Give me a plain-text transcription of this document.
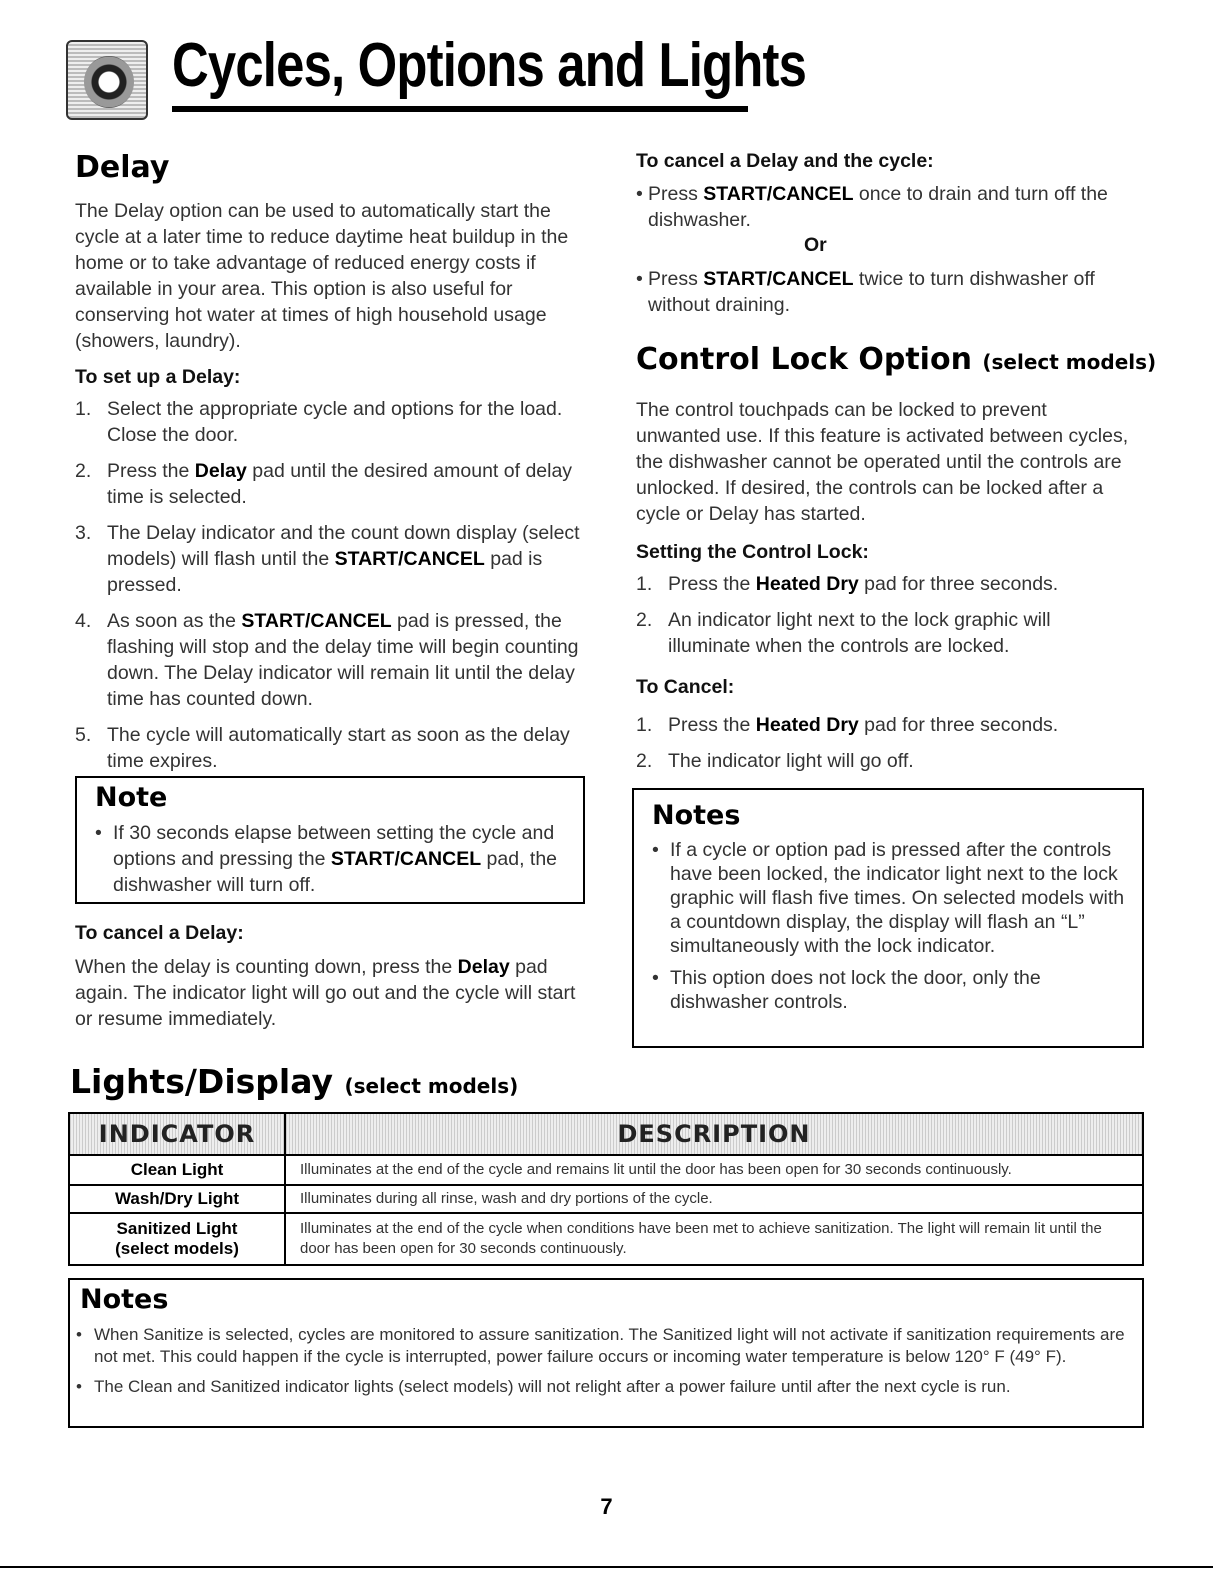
Cycles, Options and Lights
Delay
The Delay option can be used to automatically start the cycle at a later time to reduce daytime heat buildup in the home or to take advantage of reduced energy costs if available in your area. This option is also useful for conserving hot water at times of high household usage (showers, laundry).
To set up a Delay:
1. Select the appropriate cycle and options for the load. Close the door.
2. Press the Delay pad until the desired amount of delay time is selected.
3. The Delay indicator and the count down display (select models) will flash until the START/CANCEL pad is pressed.
4. As soon as the START/CANCEL pad is pressed, the flashing will stop and the delay time will begin counting down. The Delay indicator will remain lit until the delay time has counted down.
5. The cycle will automatically start as soon as the delay time expires.
Note
• If 30 seconds elapse between setting the cycle and options and pressing the START/CANCEL pad, the dishwasher will turn off.
To cancel a Delay:
When the delay is counting down, press the Delay pad again. The indicator light will go out and the cycle will start or resume immediately.
To cancel a Delay and the cycle:
• Press START/CANCEL once to drain and turn off the dishwasher.
Or
• Press START/CANCEL twice to turn dishwasher off without draining.
Control Lock Option (select models)
The control touchpads can be locked to prevent unwanted use. If this feature is activated between cycles, the dishwasher cannot be operated until the controls are unlocked. If desired, the controls can be locked after a cycle or Delay has started.
Setting the Control Lock:
1. Press the Heated Dry pad for three seconds.
2. An indicator light next to the lock graphic will illuminate when the controls are locked.
To Cancel:
1. Press the Heated Dry pad for three seconds.
2. The indicator light will go off.
Notes
• If a cycle or option pad is pressed after the controls have been locked, the indicator light next to the lock graphic will flash five times. On selected models with a countdown display, the display will flash an “L” simultaneously with the lock indicator.
• This option does not lock the door, only the dishwasher controls.
Lights/Display (select models)
INDICATOR	DESCRIPTION
Clean Light	Illuminates at the end of the cycle and remains lit until the door has been open for 30 seconds continuously.
Wash/Dry Light	Illuminates during all rinse, wash and dry portions of the cycle.

Sanitized Light
(select models)	Illuminates at the end of the cycle when conditions have been met to achieve sanitization. The light will remain lit until the door has been open for 30 seconds continuously.
Notes
• When Sanitize is selected, cycles are monitored to assure sanitization. The Sanitized light will not activate if sanitization requirements are not met. This could happen if the cycle is interrupted, power failure occurs or incoming water temperature is below 120° F (49° F).
• The Clean and Sanitized indicator lights (select models) will not relight after a power failure until after the next cycle is run.
7
